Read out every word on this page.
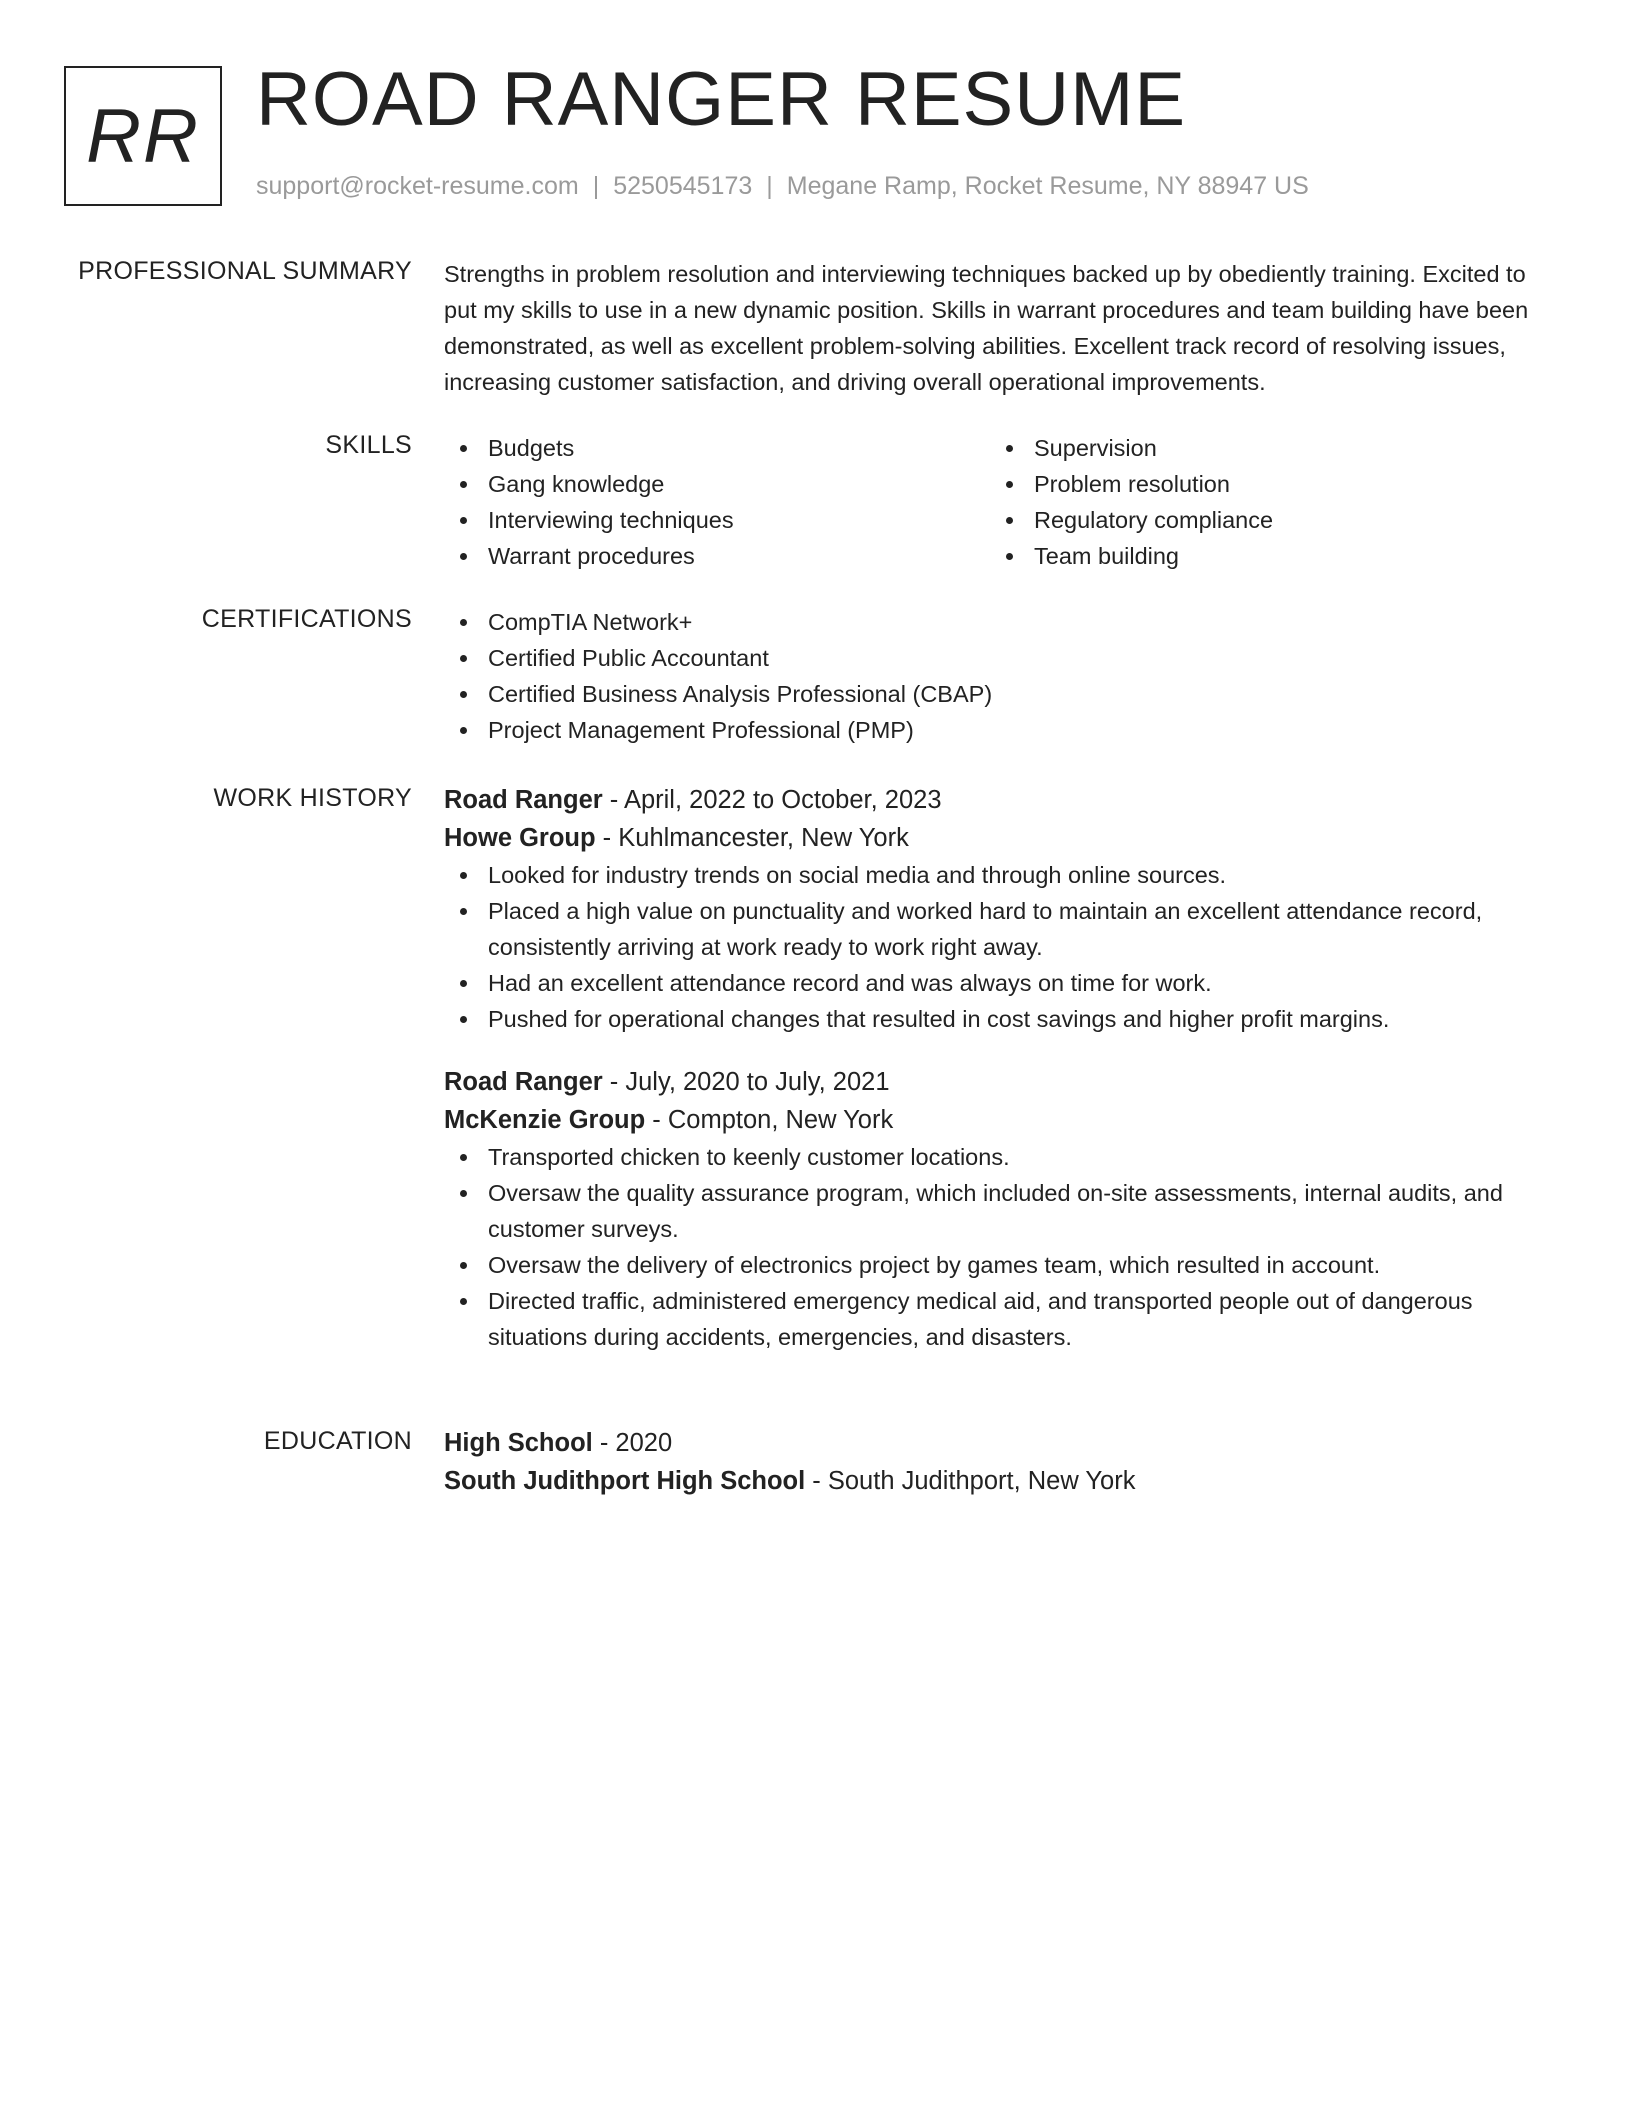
RR ROAD RANGER RESUME
support@rocket-resume.com | 5250545173 | Megane Ramp, Rocket Resume, NY 88947 US
PROFESSIONAL SUMMARY Strengths in problem resolution and interviewing techniques backed up by obediently training. Excited to put my skills to use in a new dynamic position. Skills in warrant procedures and team building have been demonstrated, as well as excellent problem-solving abilities. Excellent track record of resolving issues, increasing customer satisfaction, and driving overall operational improvements.

SKILLS	Budgets
Gang knowledge
Interviewing techniques
Warrant procedures
Supervision
Problem resolution
Regulatory compliance
Team building
CERTIFICATIONS	CompTIA Network+
Certified Public Accountant
Certified Business Analysis Professional (CBAP)
Project Management Professional (PMP)
WORK HISTORY Road Ranger - April, 2022 to October, 2023
Howe Group - Kuhlmancester, New York
Looked for industry trends on social media and through online sources.
Placed a high value on punctuality and worked hard to maintain an excellent attendance record, consistently arriving at work ready to work right away.
Had an excellent attendance record and was always on time for work.
Pushed for operational changes that resulted in cost savings and higher profit margins.
Road Ranger - July, 2020 to July, 2021
McKenzie Group - Compton, New York
Transported chicken to keenly customer locations.
Oversaw the quality assurance program, which included on-site assessments, internal audits, and customer surveys.
Oversaw the delivery of electronics project by games team, which resulted in account.
Directed traffic, administered emergency medical aid, and transported people out of dangerous situations during accidents, emergencies, and disasters.
EDUCATION High School - 2020
South Judithport High School - South Judithport, New York
